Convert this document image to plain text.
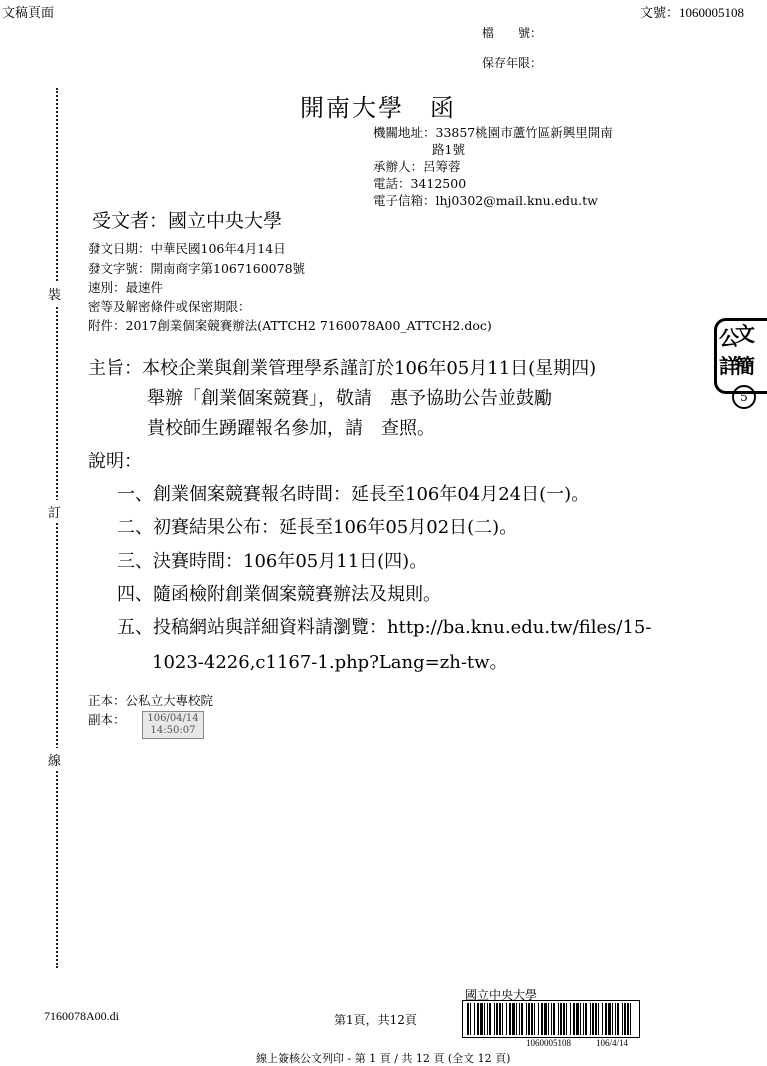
文稿頁面	文號：1060005108
檔　　號：
保存年限：
裝
訂
線
開南大學　函
機關地址：33857桃園市蘆竹區新興里開南
路1號
承辦人：呂筹蓉
電話：3412500
電子信箱：lhj0302@mail.knu.edu.tw
受文者：國立中央大學
發文日期：中華民國106年4月14日
發文字號：開南商字第1067160078號
速別：最速件
密等及解密條件或保密期限：
附件：2017創業個案競賽辦法(ATTCH2 7160078A00_ATTCH2.doc)
公
文
詳
簡
5
主旨：本校企業與創業管理學系謹訂於106年05月11日(星期四)
舉辦「創業個案競賽」，敬請　惠予協助公告並鼓勵
貴校師生踴躍報名參加，請　查照。
說明：
一、創業個案競賽報名時間：延長至106年04月24日(一)。
二、初賽結果公布：延長至106年05月02日(二)。
三、決賽時間：106年05月11日(四)。
四、隨函檢附創業個案競賽辦法及規則。
五、投稿網站與詳細資料請瀏覽：http://ba.knu.edu.tw/files/15-
1023-4226,c1167-1.php?Lang=zh-tw。
正本：公私立大專校院
副本：	106/04/14
14:50:07
7160078A00.di	第1頁，共12頁
國立中央大學
1060005108	106/4/14
線上簽核公文列印 - 第 1 頁 / 共 12 頁 (全文 12 頁)
